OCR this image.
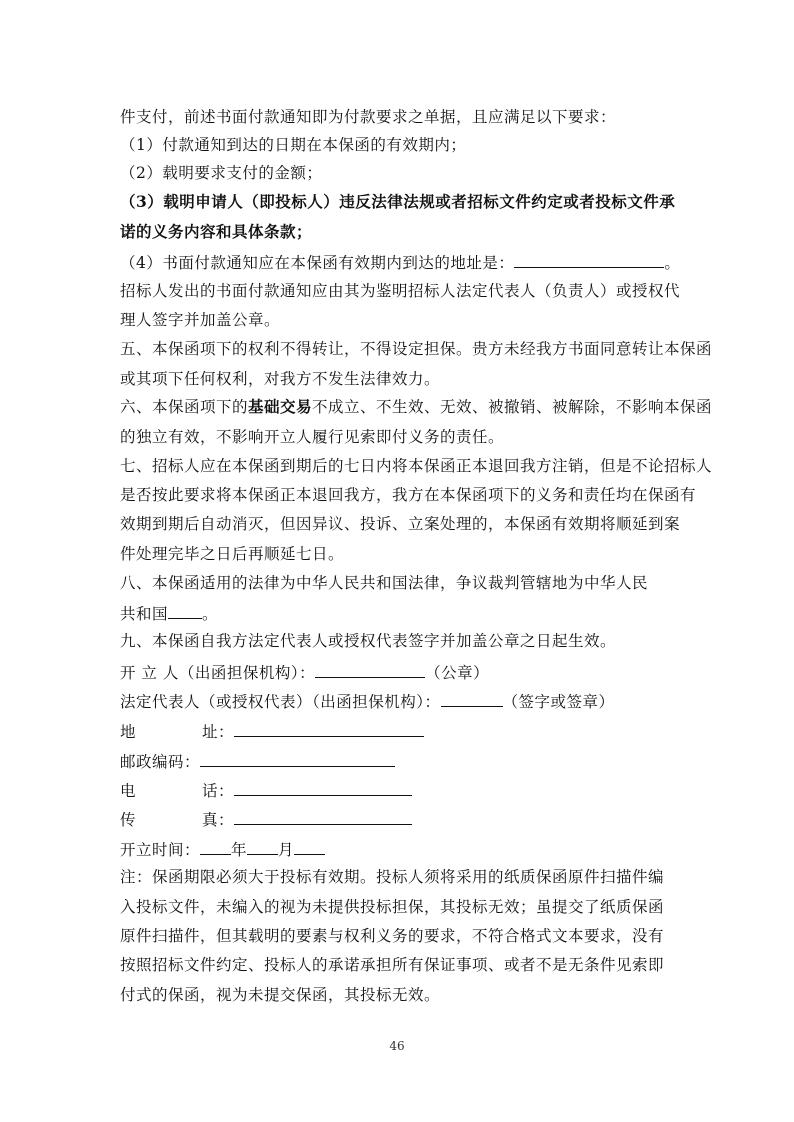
件支付，前述书面付款通知即为付款要求之单据，且应满足以下要求：
（1）付款通知到达的日期在本保函的有效期内；
（2）载明要求支付的金额；
（3）载明申请人（即投标人）违反法律法规或者招标文件约定或者投标文件承
诺的义务内容和具体条款；
（4）书面付款通知应在本保函有效期内到达的地址是：	。
招标人发出的书面付款通知应由其为鉴明招标人法定代表人（负责人）或授权代
理人签字并加盖公章。
五、本保函项下的权利不得转让，不得设定担保。贵方未经我方书面同意转让本保函
或其项下任何权利，对我方不发生法律效力。
六、本保函项下的基础交易不成立、不生效、无效、被撤销、被解除，不影响本保函
的独立有效，不影响开立人履行见索即付义务的责任。
七、招标人应在本保函到期后的七日内将本保函正本退回我方注销，但是不论招标人
是否按此要求将本保函正本退回我方，我方在本保函项下的义务和责任均在保函有
效期到期后自动消灭，但因异议、投诉、立案处理的，本保函有效期将顺延到案
件处理完毕之日后再顺延七日。
八、本保函适用的法律为中华人民共和国法律，争议裁判管辖地为中华人民
共和国 。
九、本保函自我方法定代表人或授权代表签字并加盖公章之日起生效。
开 立 人（出函担保机构）：	（公章）
法定代表人（或授权代表）（出函担保机构）：	（签字或签章）
地	址：
邮政编码：
电	话：
传	真：
开立时间： 年 月
注：保函期限必须大于投标有效期。投标人须将采用的纸质保函原件扫描件编
入投标文件，未编入的视为未提供投标担保，其投标无效；虽提交了纸质保函
原件扫描件，但其载明的要素与权利义务的要求，不符合格式文本要求，没有
按照招标文件约定、投标人的承诺承担所有保证事项、或者不是无条件见索即
付式的保函，视为未提交保函，其投标无效。
46
